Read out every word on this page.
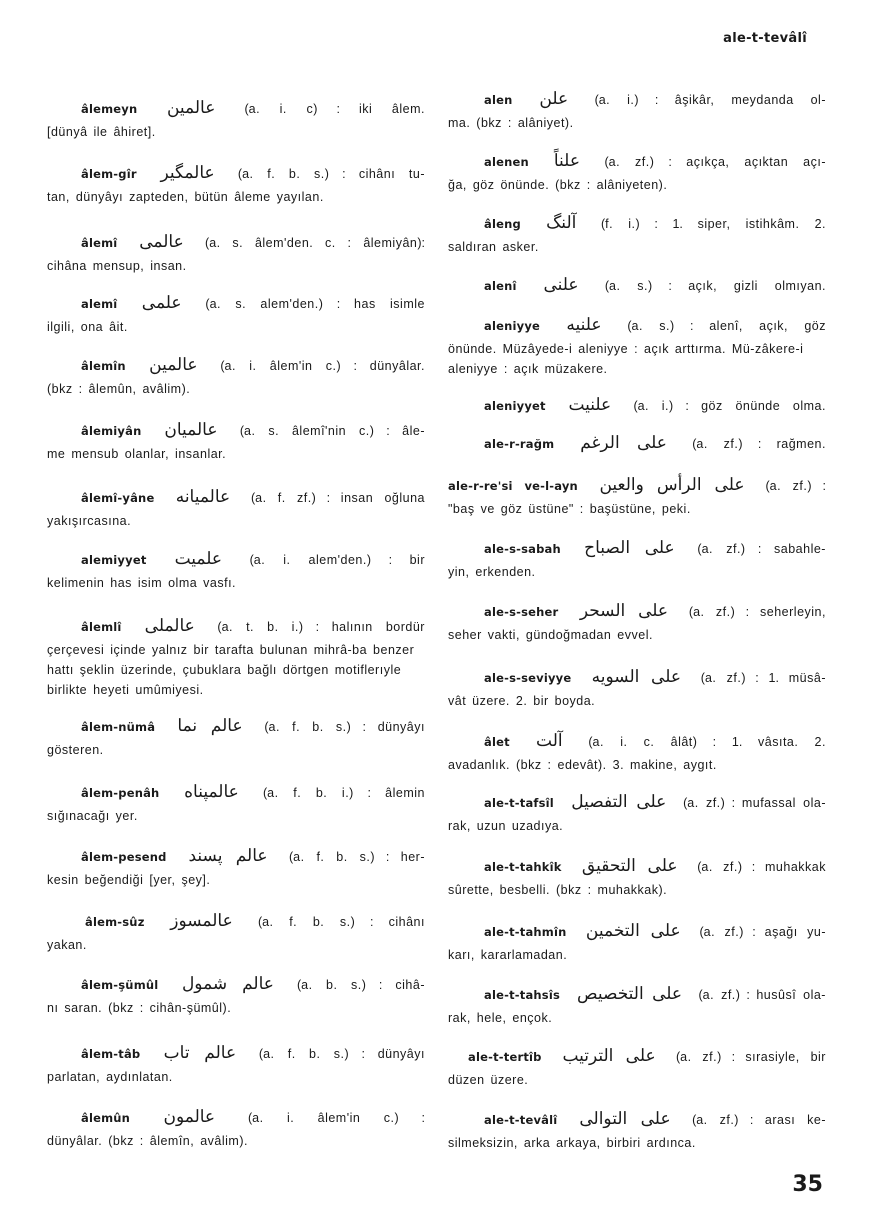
ale-t-tevâlî
âlemeyn عالمين (a. i. c) : iki âlem.
[dünyâ ile âhiret].
âlem-gîr عالمگير (a. f. b. s.) : cihânı tu-
tan, dünyâyı zapteden, bütün âleme yayılan.
âlemî عالمى (a. s. âlem'den. c. : âlemiyân):
cihâna mensup, insan.
alemî علمى (a. s. alem'den.) : has isimle
ilgili, ona âit.
âlemîn عالمين (a. i. âlem'in c.) : dünyâlar.
(bkz : âlemûn, avâlim).
âlemiyân عالميان (a. s. âlemî'nin c.) : âle-
me mensub olanlar, insanlar.
âlemî-yâne عالميانه (a. f. zf.) : insan oğluna
yakışırcasına.
alemiyyet علميت (a. i. alem'den.) : bir
kelimenin has isim olma vasfı.
âlemlî عالملى (a. t. b. i.) : halının bordür
çerçevesi içinde yalnız bir tarafta bulunan mihrâ-ba benzer hattı şeklin üzerinde, çubuklara bağlı dörtgen motiflerıyle birlikte heyeti umûmiyesi.
âlem-nümâ عالم نما (a. f. b. s.) : dünyâyı
gösteren.
âlem-penâh عالمپناه (a. f. b. i.) : âlemin
sığınacağı yer.
âlem-pesend عالم پسند (a. f. b. s.) : her-
kesin beğendiği [yer, şey].
âlem-sûz عالمسوز (a. f. b. s.) : cihânı
yakan.
âlem-şümûl عالم شمول (a. b. s.) : cihâ-
nı saran. (bkz : cihân-şümûl).
âlem-tâb عالم تاب (a. f. b. s.) : dünyâyı
parlatan, aydınlatan.
âlemûn عالمون	(a. i. âlem'in c.) :
dünyâlar. (bkz : âlemîn, avâlim).
alen علن (a. i.) : âşikâr, meydanda ol-
ma. (bkz : alâniyet).
alenen علناً (a. zf.) : açıkça, açıktan açı-
ğa, göz önünde. (bkz : alâniyeten).
âleng آلنگ (f. i.) : 1. siper, istihkâm. 2.
saldıran asker.
alenî علنى (a. s.) : açık, gizli olmıyan.
aleniyye علنيه (a. s.) : alenî, açık, göz
önünde. Müzâyede-i aleniyye : açık arttırma. Mü-zâkere-i aleniyye : açık müzakere.
aleniyyet علنيت (a. i.) : göz önünde olma.
ale-r-rağm على الرغم (a. zf.) : rağmen.
ale-r-re'si ve-l-ayn على الرأس والعين (a. zf.) :
"baş ve göz üstüne" : başüstüne, peki.
ale-s-sabah على الصباح (a. zf.) : sabahle-
yin, erkenden.
ale-s-seher على السحر (a. zf.) : seherleyin,
seher vakti, gündoğmadan evvel.
ale-s-seviyye على السويه (a. zf.) : 1. müsâ-
vât üzere. 2. bir boyda.
âlet آلت (a. i. c. âlât) : 1. vâsıta. 2.
avadanlık. (bkz : edevât). 3. makine, aygıt.
ale-t-tafsîl على التفصيل (a. zf.) : mufassal ola-
rak, uzun uzadıya.
ale-t-tahkîk على التحقيق (a. zf.) : muhakkak
sûrette, besbelli. (bkz : muhakkak).
ale-t-tahmîn على التخمين (a. zf.) : aşağı yu-
karı, kararlamadan.
ale-t-tahsîs على التخصيص (a. zf.) : husûsî ola-
rak, hele, ençok.
ale-t-tertîb على الترتيب (a. zf.) : sırasiyle, bir
düzen üzere.
ale-t-tevâlî على التوالى (a. zf.) : arası ke-
silmeksizin, arka arkaya, birbiri ardınca.
35
